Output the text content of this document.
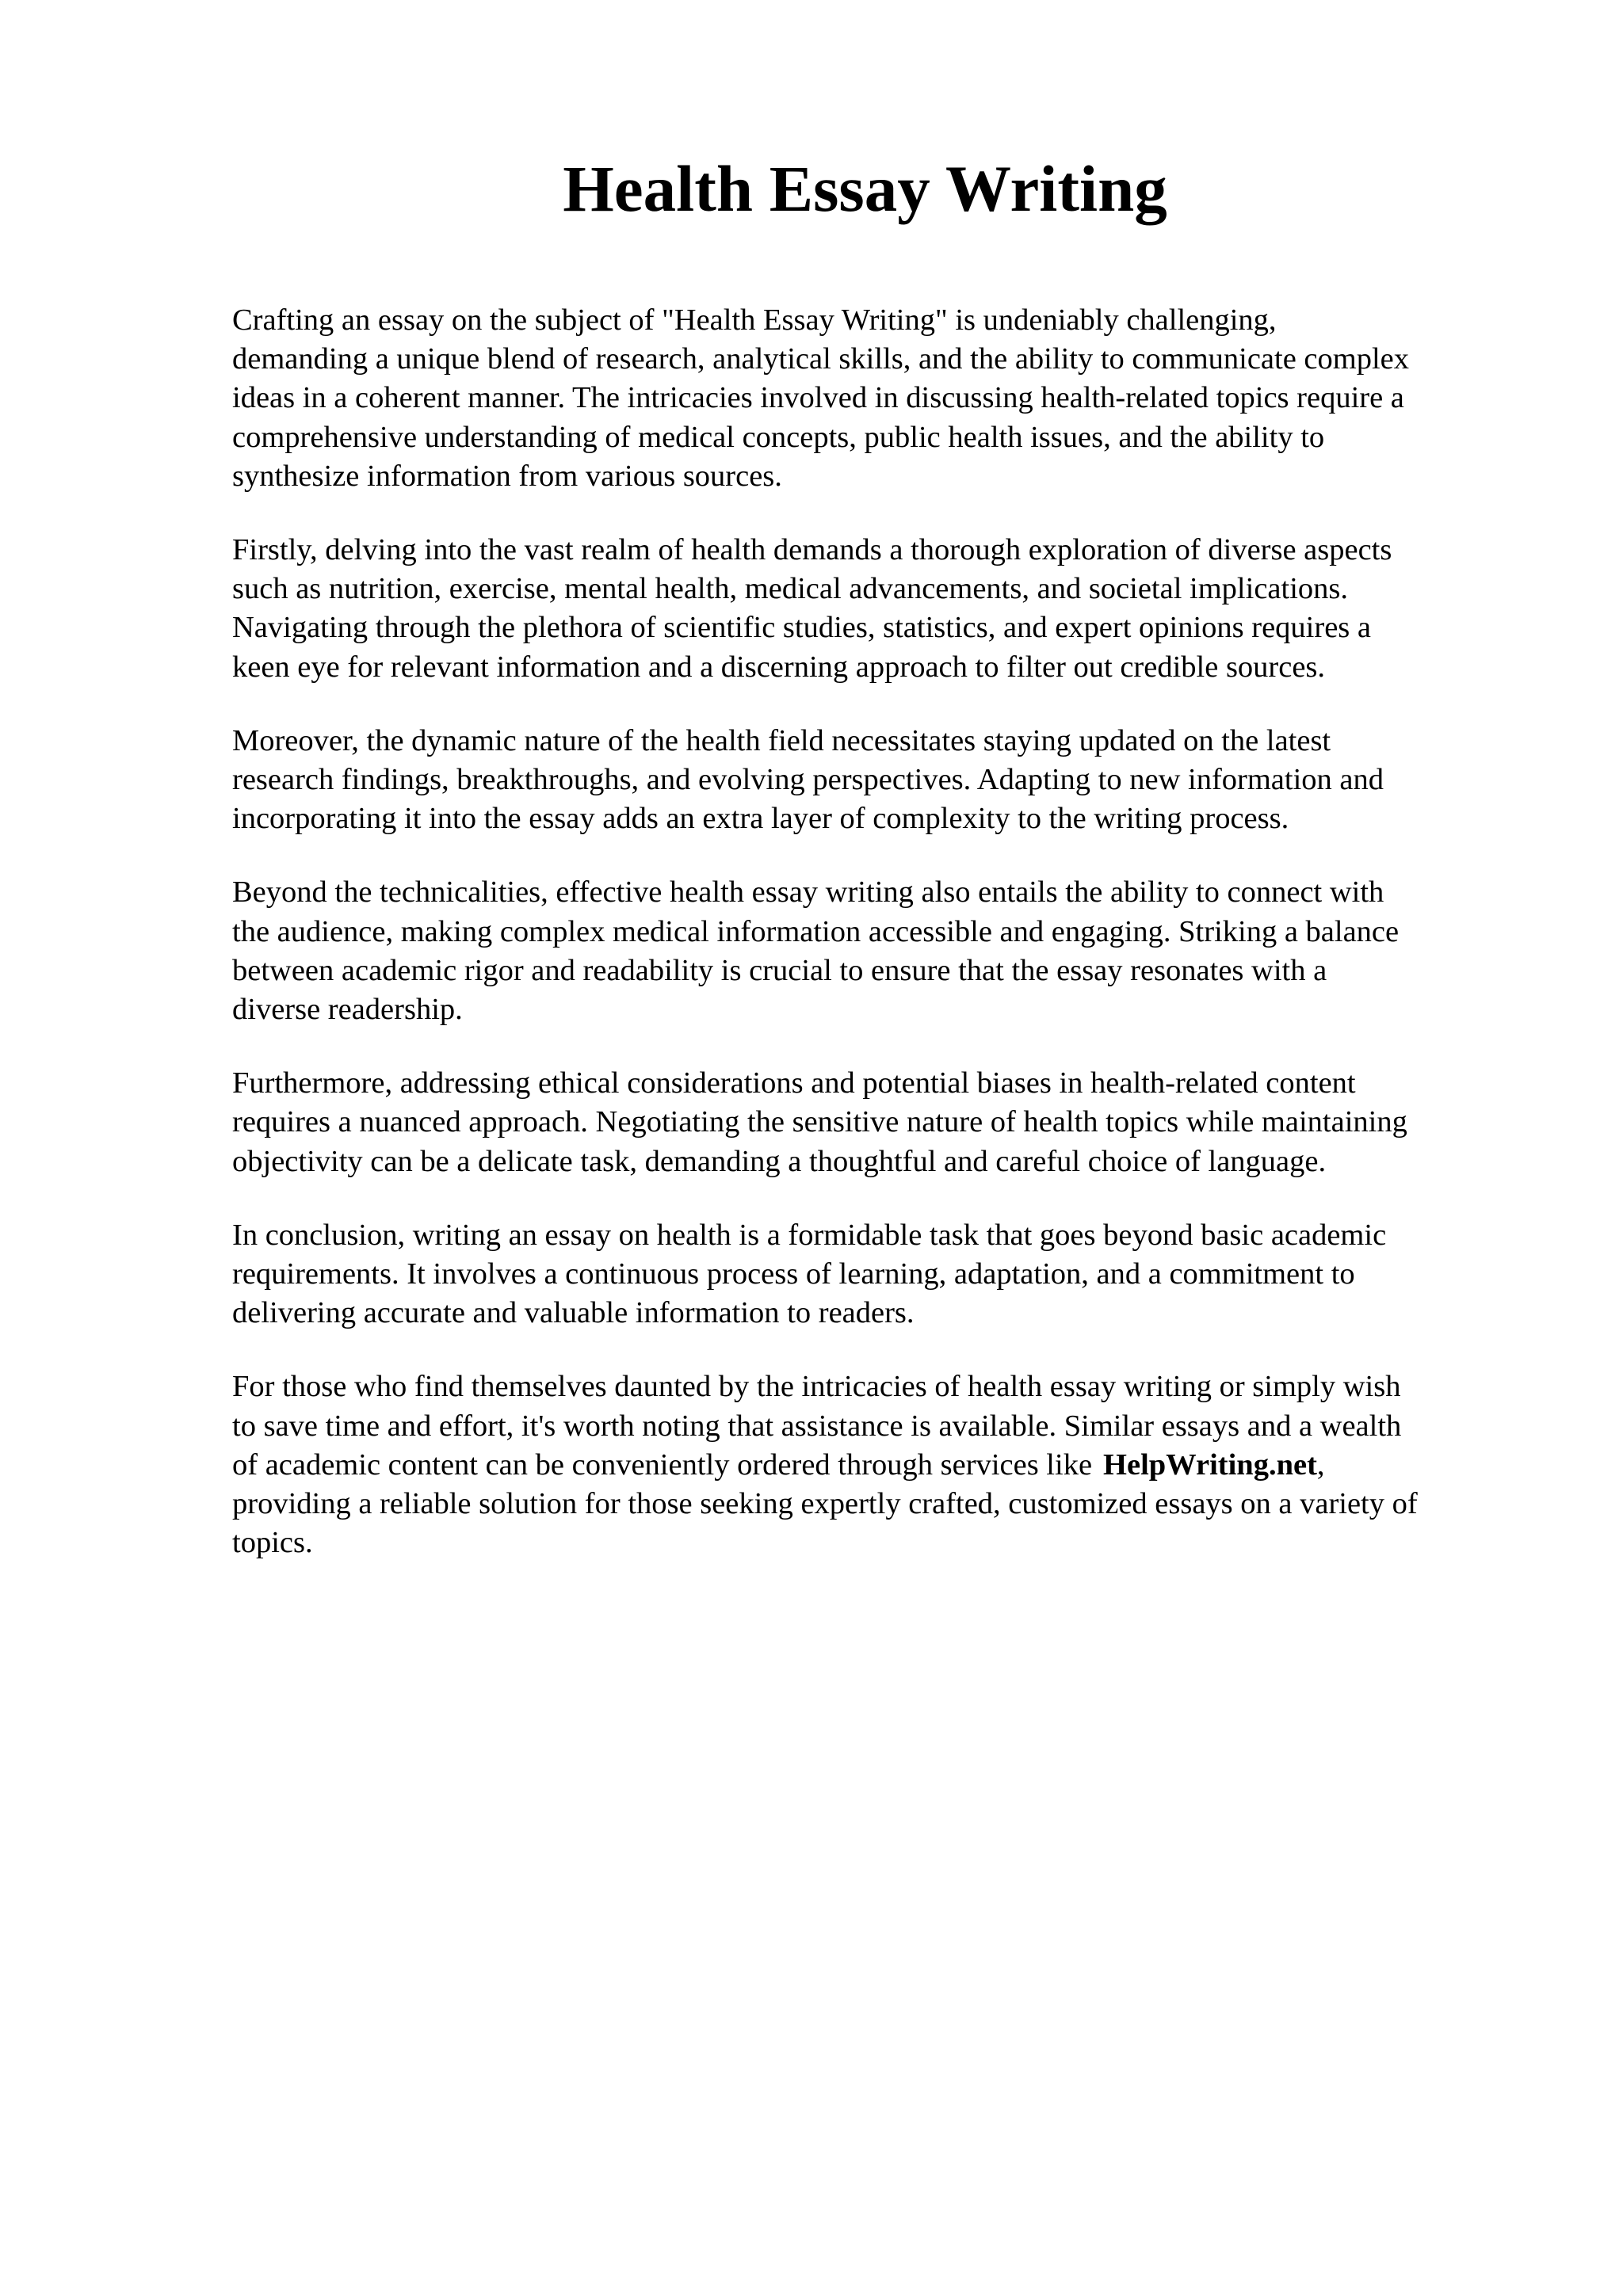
Health Essay Writing

Crafting an essay on the subject of "Health Essay Writing" is undeniably challenging,
demanding a unique blend of research, analytical skills, and the ability to communicate complex
ideas in a coherent manner. The intricacies involved in discussing health-related topics require a
comprehensive understanding of medical concepts, public health issues, and the ability to
synthesize information from various sources.

Firstly, delving into the vast realm of health demands a thorough exploration of diverse aspects
such as nutrition, exercise, mental health, medical advancements, and societal implications.
Navigating through the plethora of scientific studies, statistics, and expert opinions requires a
keen eye for relevant information and a discerning approach to filter out credible sources.

Moreover, the dynamic nature of the health field necessitates staying updated on the latest
research findings, breakthroughs, and evolving perspectives. Adapting to new information and
incorporating it into the essay adds an extra layer of complexity to the writing process.

Beyond the technicalities, effective health essay writing also entails the ability to connect with
the audience, making complex medical information accessible and engaging. Striking a balance
between academic rigor and readability is crucial to ensure that the essay resonates with a
diverse readership.

Furthermore, addressing ethical considerations and potential biases in health-related content
requires a nuanced approach. Negotiating the sensitive nature of health topics while maintaining
objectivity can be a delicate task, demanding a thoughtful and careful choice of language.

In conclusion, writing an essay on health is a formidable task that goes beyond basic academic
requirements. It involves a continuous process of learning, adaptation, and a commitment to
delivering accurate and valuable information to readers.

For those who find themselves daunted by the intricacies of health essay writing or simply wish
to save time and effort, it's worth noting that assistance is available. Similar essays and a wealth
of academic content can be conveniently ordered through services like HelpWriting.net,
providing a reliable solution for those seeking expertly crafted, customized essays on a variety of
topics.
